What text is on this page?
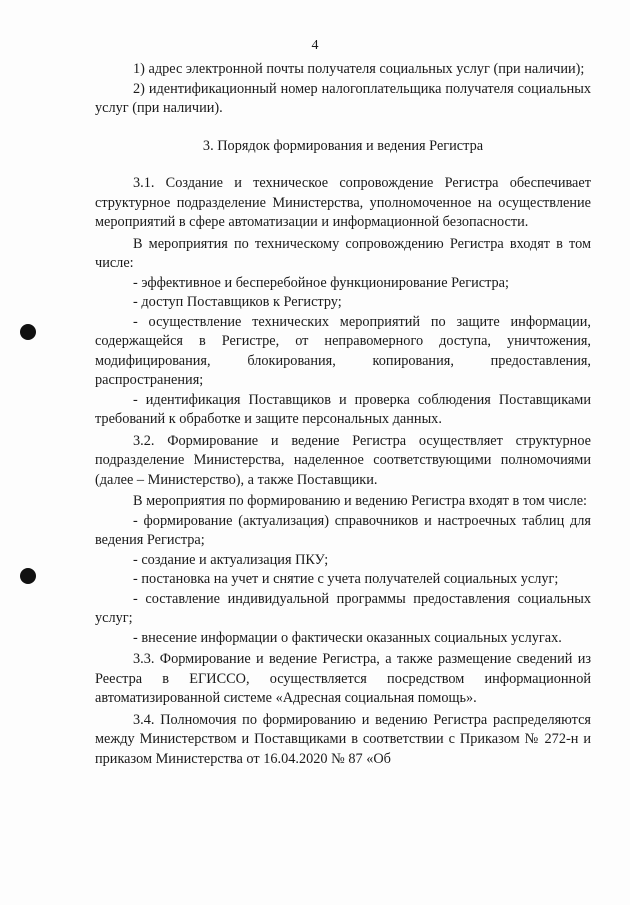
4

1) адрес электронной почты получателя социальных услуг (при наличии);

2) идентификационный номер налогоплательщика получателя социальных услуг (при наличии).

3. Порядок формирования и ведения Регистра

3.1. Создание и техническое сопровождение Регистра обеспечивает структурное подразделение Министерства, уполномоченное на осуществление мероприятий в сфере автоматизации и информационной безопасности.

В мероприятия по техническому сопровождению Регистра входят в том числе:

- эффективное и бесперебойное функционирование Регистра;

- доступ Поставщиков к Регистру;

- осуществление технических мероприятий по защите информации, содержащейся в Регистре, от неправомерного доступа, уничтожения, модифицирования, блокирования, копирования, предоставления, распространения;

- идентификация Поставщиков и проверка соблюдения Поставщиками требований к обработке и защите персональных данных.

3.2. Формирование и ведение Регистра осуществляет структурное подразделение Министерства, наделенное соответствующими полномочиями (далее – Министерство), а также Поставщики.

В мероприятия по формированию и ведению Регистра входят в том числе:

- формирование (актуализация) справочников и настроечных таблиц для ведения Регистра;

- создание и актуализация ПКУ;

- постановка на учет и снятие с учета получателей социальных услуг;

- составление индивидуальной программы предоставления социальных услуг;

- внесение информации о фактически оказанных социальных услугах.

3.3. Формирование и ведение Регистра, а также размещение сведений из Реестра в ЕГИССО, осуществляется посредством информационной автоматизированной системе «Адресная социальная помощь».

3.4. Полномочия по формированию и ведению Регистра распределяются между Министерством и Поставщиками в соответствии с Приказом № 272-н и приказом Министерства от 16.04.2020 № 87 «Об
